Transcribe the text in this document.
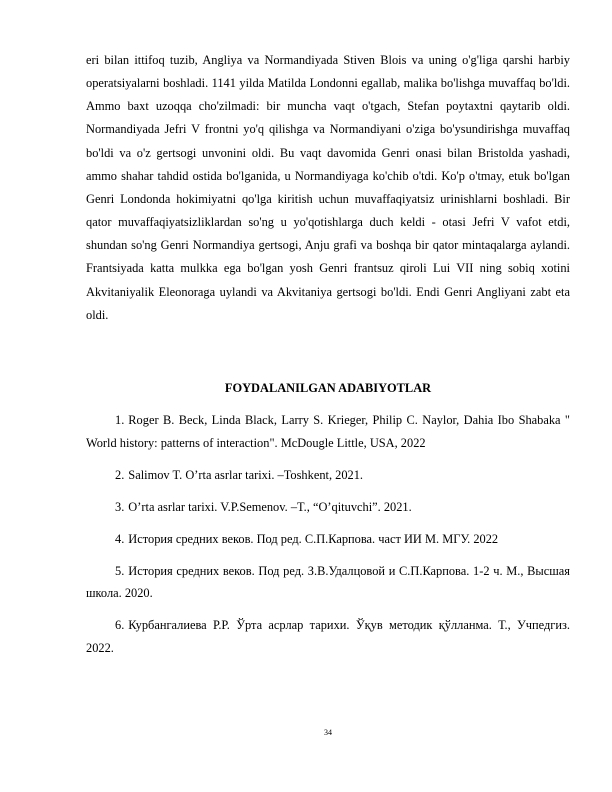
eri bilan ittifoq tuzib, Angliya va Normandiyada Stiven Blois va uning o'g'liga qarshi harbiy operatsiyalarni boshladi. 1141 yilda Matilda Londonni egallab, malika bo'lishga muvaffaq bo'ldi. Ammo baxt uzoqqa cho'zilmadi: bir muncha vaqt o'tgach, Stefan poytaxtni qaytarib oldi. Normandiyada Jefri V frontni yo'q qilishga va Normandiyani o'ziga bo'ysundirishga muvaffaq bo'ldi va o'z gertsogi unvonini oldi. Bu vaqt davomida Genri onasi bilan Bristolda yashadi, ammo shahar tahdid ostida bo'lganida, u Normandiyaga ko'chib o'tdi. Ko'p o'tmay, etuk bo'lgan Genri Londonda hokimiyatni qo'lga kiritish uchun muvaffaqiyatsiz urinishlarni boshladi. Bir qator muvaffaqiyatsizliklardan so'ng u yo'qotishlarga duch keldi - otasi Jefri V vafot etdi, shundan so'ng Genri Normandiya gertsogi, Anju grafi va boshqa bir qator mintaqalarga aylandi. Frantsiyada katta mulkka ega bo'lgan yosh Genri frantsuz qiroli Lui VII ning sobiq xotini Akvitaniyalik Eleonoraga uylandi va Akvitaniya gertsogi bo'ldi. Endi Genri Angliyani zabt eta oldi.

FOYDALANILGAN ADABIYOTLAR

1. Roger B. Beck, Linda Black, Larry S. Krieger, Philip C. Naylor, Dahia Ibo Shabaka " World history: patterns of interaction". McDougle Little, USA, 2022

2. Salimov T. O’rta asrlar tarixi. –Toshkent, 2021.

3. O’rta asrlar tarixi. V.P.Semenov. –T., “O’qituvchi”. 2021.

4. История средних веков. Под ред. С.П.Карпова. част ИИ М. МГУ. 2022

5. История средних веков. Под ред. З.В.Удалцовой и С.П.Карпова. 1-2 ч. М., Высшая школа. 2020.

6. Курбангалиева Р.Р. Ўрта асрлар тарихи. Ўқув методик қўлланма. Т., Учпедгиз. 2022.

34
